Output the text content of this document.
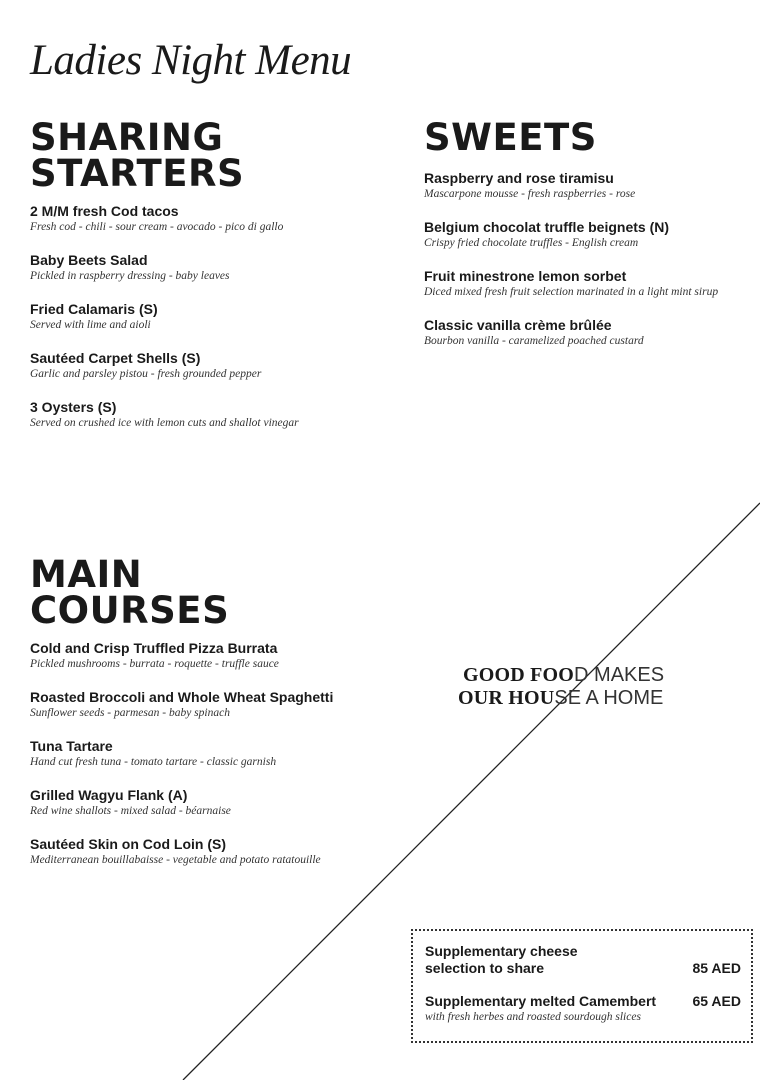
Ladies Night Menu
SHARING
STARTERS
2 M/M fresh Cod tacos
Fresh cod - chili - sour cream - avocado - pico di gallo
Baby Beets Salad
Pickled in raspberry dressing - baby leaves
Fried Calamaris (S)
Served with lime and aioli
Sautéed Carpet Shells (S)
Garlic and parsley pistou - fresh grounded pepper
3 Oysters (S)
Served on crushed ice with lemon cuts and shallot vinegar
SWEETS
Raspberry and rose tiramisu
Mascarpone mousse - fresh raspberries - rose
Belgium chocolat truffle beignets (N)
Crispy fried chocolate truffles - English cream
Fruit minestrone lemon sorbet
Diced mixed fresh fruit selection marinated in a light mint sirup
Classic vanilla crème brûlée
Bourbon vanilla - caramelized poached custard
MAIN
COURSES
Cold and Crisp Truffled Pizza Burrata
Pickled mushrooms - burrata - roquette - truffle sauce
Roasted Broccoli and Whole Wheat Spaghetti
Sunflower seeds - parmesan - baby spinach
Tuna Tartare
Hand cut fresh tuna - tomato tartare - classic garnish
Grilled Wagyu Flank (A)
Red wine shallots - mixed salad - béarnaise
Sautéed Skin on Cod Loin (S)
Mediterranean bouillabaisse - vegetable and potato ratatouille
GOOD FOOD MAKES
OUR HOUSE A HOME
85 AED
Supplementary cheese selection to share
65 AED
Supplementary melted Camembert
with fresh herbes and roasted sourdough slices
